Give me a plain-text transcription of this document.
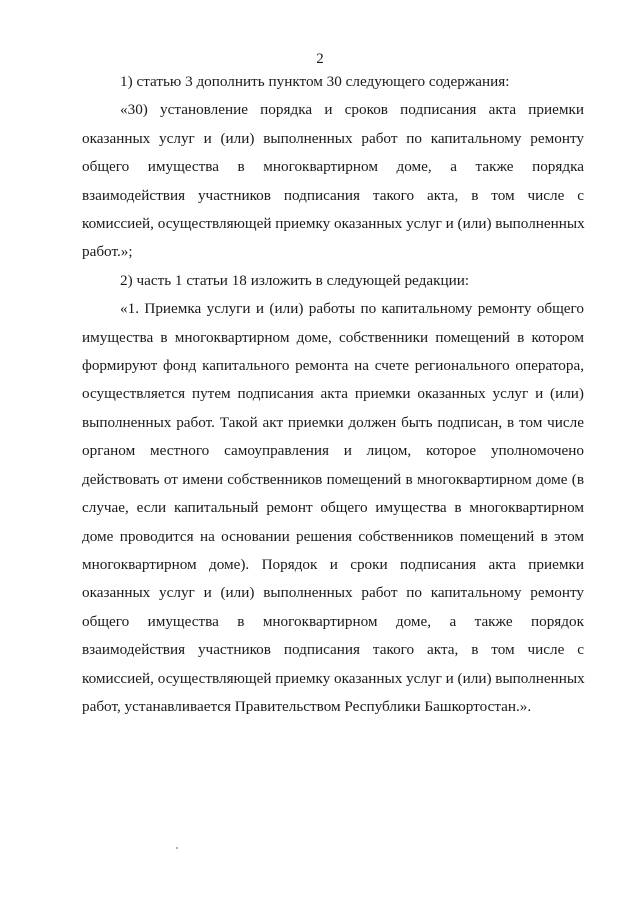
2

1) статью 3 дополнить пунктом 30 следующего содержания:

«30) установление порядка и сроков подписания акта приемки
оказанных услуг и (или) выполненных работ по капитальному ремонту
общего имущества в многоквартирном доме, а также порядка
взаимодействия участников подписания такого акта, в том числе с
комиссией, осуществляющей приемку оказанных услуг и (или) выполненных
работ.»;

2) часть 1 статьи 18 изложить в следующей редакции:

«1. Приемка услуги и (или) работы по капитальному ремонту общего
имущества в многоквартирном доме, собственники помещений в котором
формируют фонд капитального ремонта на счете регионального оператора,
осуществляется путем подписания акта приемки оказанных услуг и (или)
выполненных работ. Такой акт приемки должен быть подписан, в том числе
органом местного самоуправления и лицом, которое уполномочено
действовать от имени собственников помещений в многоквартирном доме (в
случае, если капитальный ремонт общего имущества в многоквартирном
доме проводится на основании решения собственников помещений в этом
многоквартирном доме). Порядок и сроки подписания акта приемки
оказанных услуг и (или) выполненных работ по капитальному ремонту
общего имущества в многоквартирном доме, а также порядок
взаимодействия участников подписания такого акта, в том числе с
комиссией, осуществляющей приемку оказанных услуг и (или) выполненных
работ, устанавливается Правительством Республики Башкортостан.».
